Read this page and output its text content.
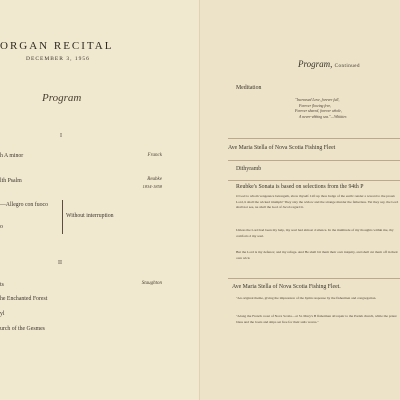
ORGAN RECITAL
DECEMBER 3, 1956
Program
I
h A minor	Franck
lth Psalm	Reubke
1834-1858
—Allegro con fuoco
o
Without interruption
II
ts	Staughton
he Enchanted Forest
yl
urch of the Gesmes
Program, Continued
Meditation
"Increased Love, forever full,
Forever flowing free,
Forever shared, forever whole,
A never-ebbing sea."—Whittier.
Ave Maria Stella of Nova Scotia Fishing Fleet
Dithyramb
Reubke's Sonata is based on selections from the 94th P
O God to whom vengeance belongeth, show thyself. Lift up thou Judge of the earth: render a reward to the proud. Lord, h shall the wicked triumph? They slay the widow and the strange murder the fatherless. Yet they say, the Lord shall not see, ne shall the God of Jacob regard it.
Unless the Lord had been my help, my soul had almost d silence. In the multitude of my thoughts within me, thy comforts d my soul.
But the Lord is my defence; and my refuge. And He shall bri them their own iniquity, and shall cut them off in their own wick
Ave Maria Stella of Nova Scotia Fishing Fleet.
"An original theme, giving the impression of the hymn response by the fishermen and congregation.
"Along the French coast of Nova Scotia—at St. Mary's B fishermen all repair to the Parish church, while the priest bless and the boats and ships set free for their sails waves."
